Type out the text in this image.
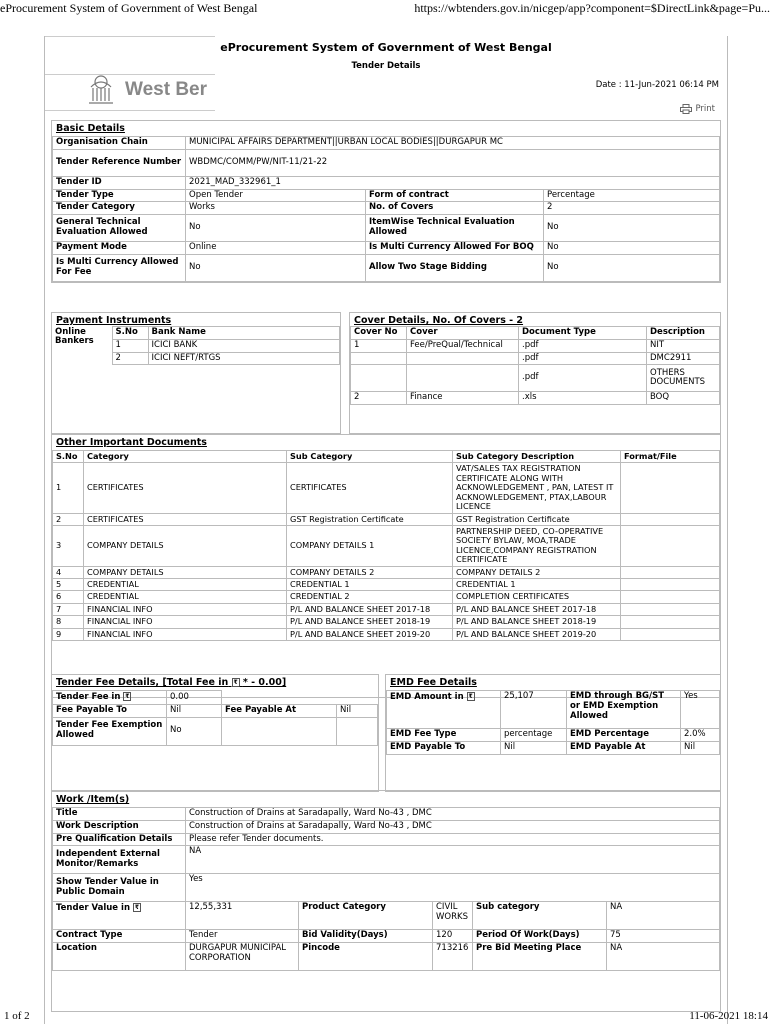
eProcurement System of Government of West Bengal	https://wbtenders.gov.in/nicgep/app?component=$DirectLink&page=Pu...
eProcurement System of Government of West Bengal
Tender Details
West Ber	Date : 11-Jun-2021 06:14 PM
Print
Basic Details
Organisation Chain	MUNICIPAL AFFAIRS DEPARTMENT||URBAN LOCAL BODIES||DURGAPUR MC		
Tender Reference Number	WBDMC/COMM/PW/NIT-11/21-22		
Tender ID	2021_MAD_332961_1		
Tender Type	Open Tender	Form of contract	Percentage
Tender Category	Works	No. of Covers	2
General Technical Evaluation Allowed	No	ItemWise Technical Evaluation Allowed	No
Payment Mode	Online	Is Multi Currency Allowed For BOQ	No
Is Multi Currency Allowed For Fee	No	Allow Two Stage Bidding	No
Payment Instruments
Online Bankers	S.No	Bank Name
	1	ICICI BANK
	2	ICICI NEFT/RTGS
Cover Details, No. Of Covers - 2
Cover No	Cover	Document Type	Description
1	Fee/PreQual/Technical	.pdf	NIT
		.pdf	DMC2911
		.pdf	OTHERS DOCUMENTS
2	Finance	.xls	BOQ
Other Important Documents
S.No	Category	Sub Category	Sub Category Description	Format/File
1	CERTIFICATES	CERTIFICATES	VAT/SALES TAX REGISTRATION CERTIFICATE ALONG WITH ACKNOWLEDGEMENT , PAN, LATEST IT ACKNOWLEDGEMENT, PTAX,LABOUR LICENCE	
2	CERTIFICATES	GST Registration Certificate	GST Registration Certificate	
3	COMPANY DETAILS	COMPANY DETAILS 1	PARTNERSHIP DEED, CO-OPERATIVE SOCIETY BYLAW, MOA,TRADE LICENCE,COMPANY REGISTRATION CERTIFICATE	
4	COMPANY DETAILS	COMPANY DETAILS 2	COMPANY DETAILS 2	
5	CREDENTIAL	CREDENTIAL 1	CREDENTIAL 1	
6	CREDENTIAL	CREDENTIAL 2	COMPLETION CERTIFICATES	
7	FINANCIAL INFO	P/L AND BALANCE SHEET 2017-18	P/L AND BALANCE SHEET 2017-18	
8	FINANCIAL INFO	P/L AND BALANCE SHEET 2018-19	P/L AND BALANCE SHEET 2018-19	
9	FINANCIAL INFO	P/L AND BALANCE SHEET 2019-20	P/L AND BALANCE SHEET 2019-20	
Tender Fee Details, [Total Fee in ₹ * - 0.00]
Tender Fee in ₹	0.00		
Fee Payable To	Nil	Fee Payable At	Nil
Tender Fee Exemption Allowed	No		
EMD Fee Details
EMD Amount in ₹	25,107	EMD through BG/ST or EMD Exemption Allowed	Yes
EMD Fee Type	percentage	EMD Percentage	2.0%
EMD Payable To	Nil	EMD Payable At	Nil
Work /Item(s)
Title	Construction of Drains at Saradapally, Ward No-43 , DMC				
Work Description	Construction of Drains at Saradapally, Ward No-43 , DMC				
Pre Qualification Details	Please refer Tender documents.				
Independent External Monitor/Remarks	NA				
Show Tender Value in Public Domain	Yes				
Tender Value in ₹	12,55,331	Product Category	CIVIL WORKS	Sub category	NA
Contract Type	Tender	Bid Validity(Days)	120	Period Of Work(Days)	75
Location	DURGAPUR MUNICIPAL CORPORATION	Pincode	713216	Pre Bid Meeting Place	NA
1 of 2	11-06-2021 18:14
